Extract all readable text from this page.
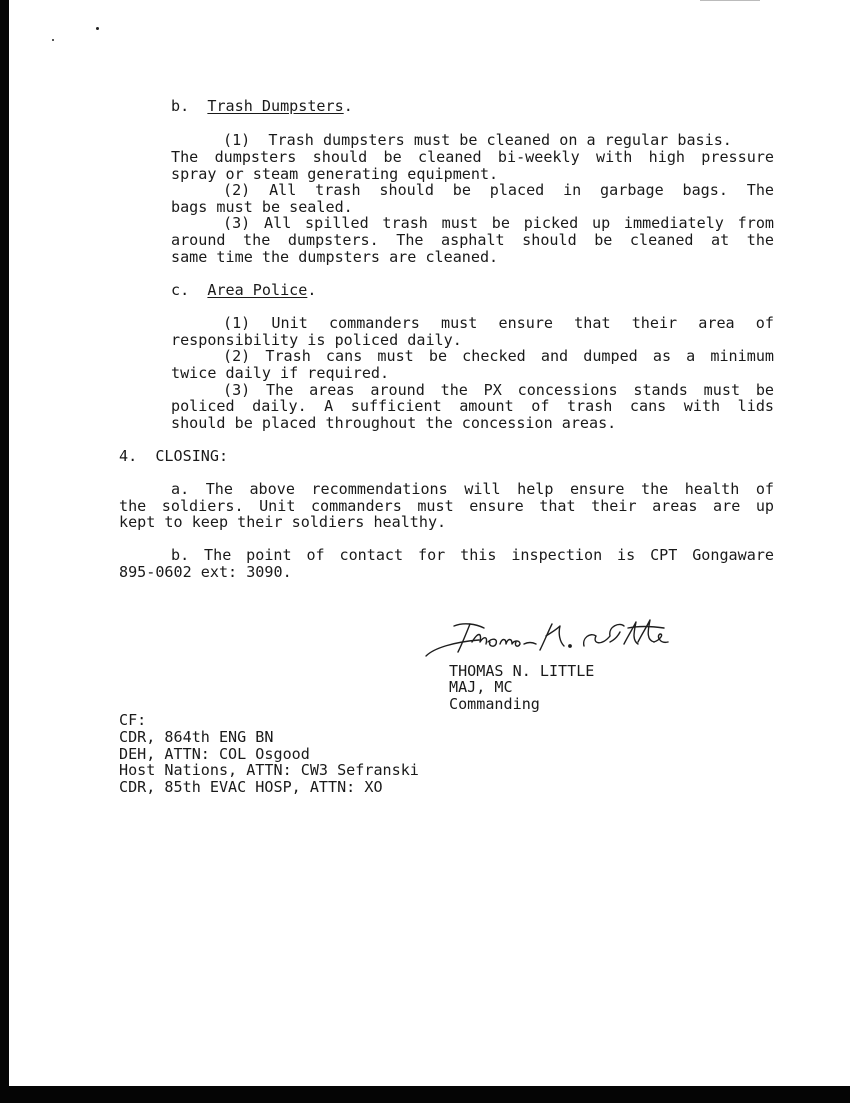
b. Trash Dumpsters.
(1)  Trash dumpsters must be cleaned on a regular basis.
The dumpsters should be cleaned bi-weekly with high pressure
spray or steam generating equipment.
(2) All trash should be placed in garbage bags. The
bags must be sealed.
(3) All spilled trash must be picked up immediately from
around the dumpsters. The asphalt should be cleaned at the
same time the dumpsters are cleaned.
c. Area Police.
(1) Unit commanders must ensure that their area of
responsibility is policed daily.
(2) Trash cans must be checked and dumped as a minimum
twice daily if required.
(3) The areas around the PX concessions stands must be
policed daily. A sufficient amount of trash cans with lids
should be placed throughout the concession areas.
4.  CLOSING:
a. The above recommendations will help ensure the health of
the soldiers. Unit commanders must ensure that their areas are up
kept to keep their soldiers healthy.
b. The point of contact for this inspection is CPT Gongaware
895-0602 ext: 3090.
THOMAS N. LITTLE
MAJ, MC
Commanding
CF:
CDR, 864th ENG BN
DEH, ATTN: COL Osgood
Host Nations, ATTN: CW3 Sefranski
CDR, 85th EVAC HOSP, ATTN: XO
